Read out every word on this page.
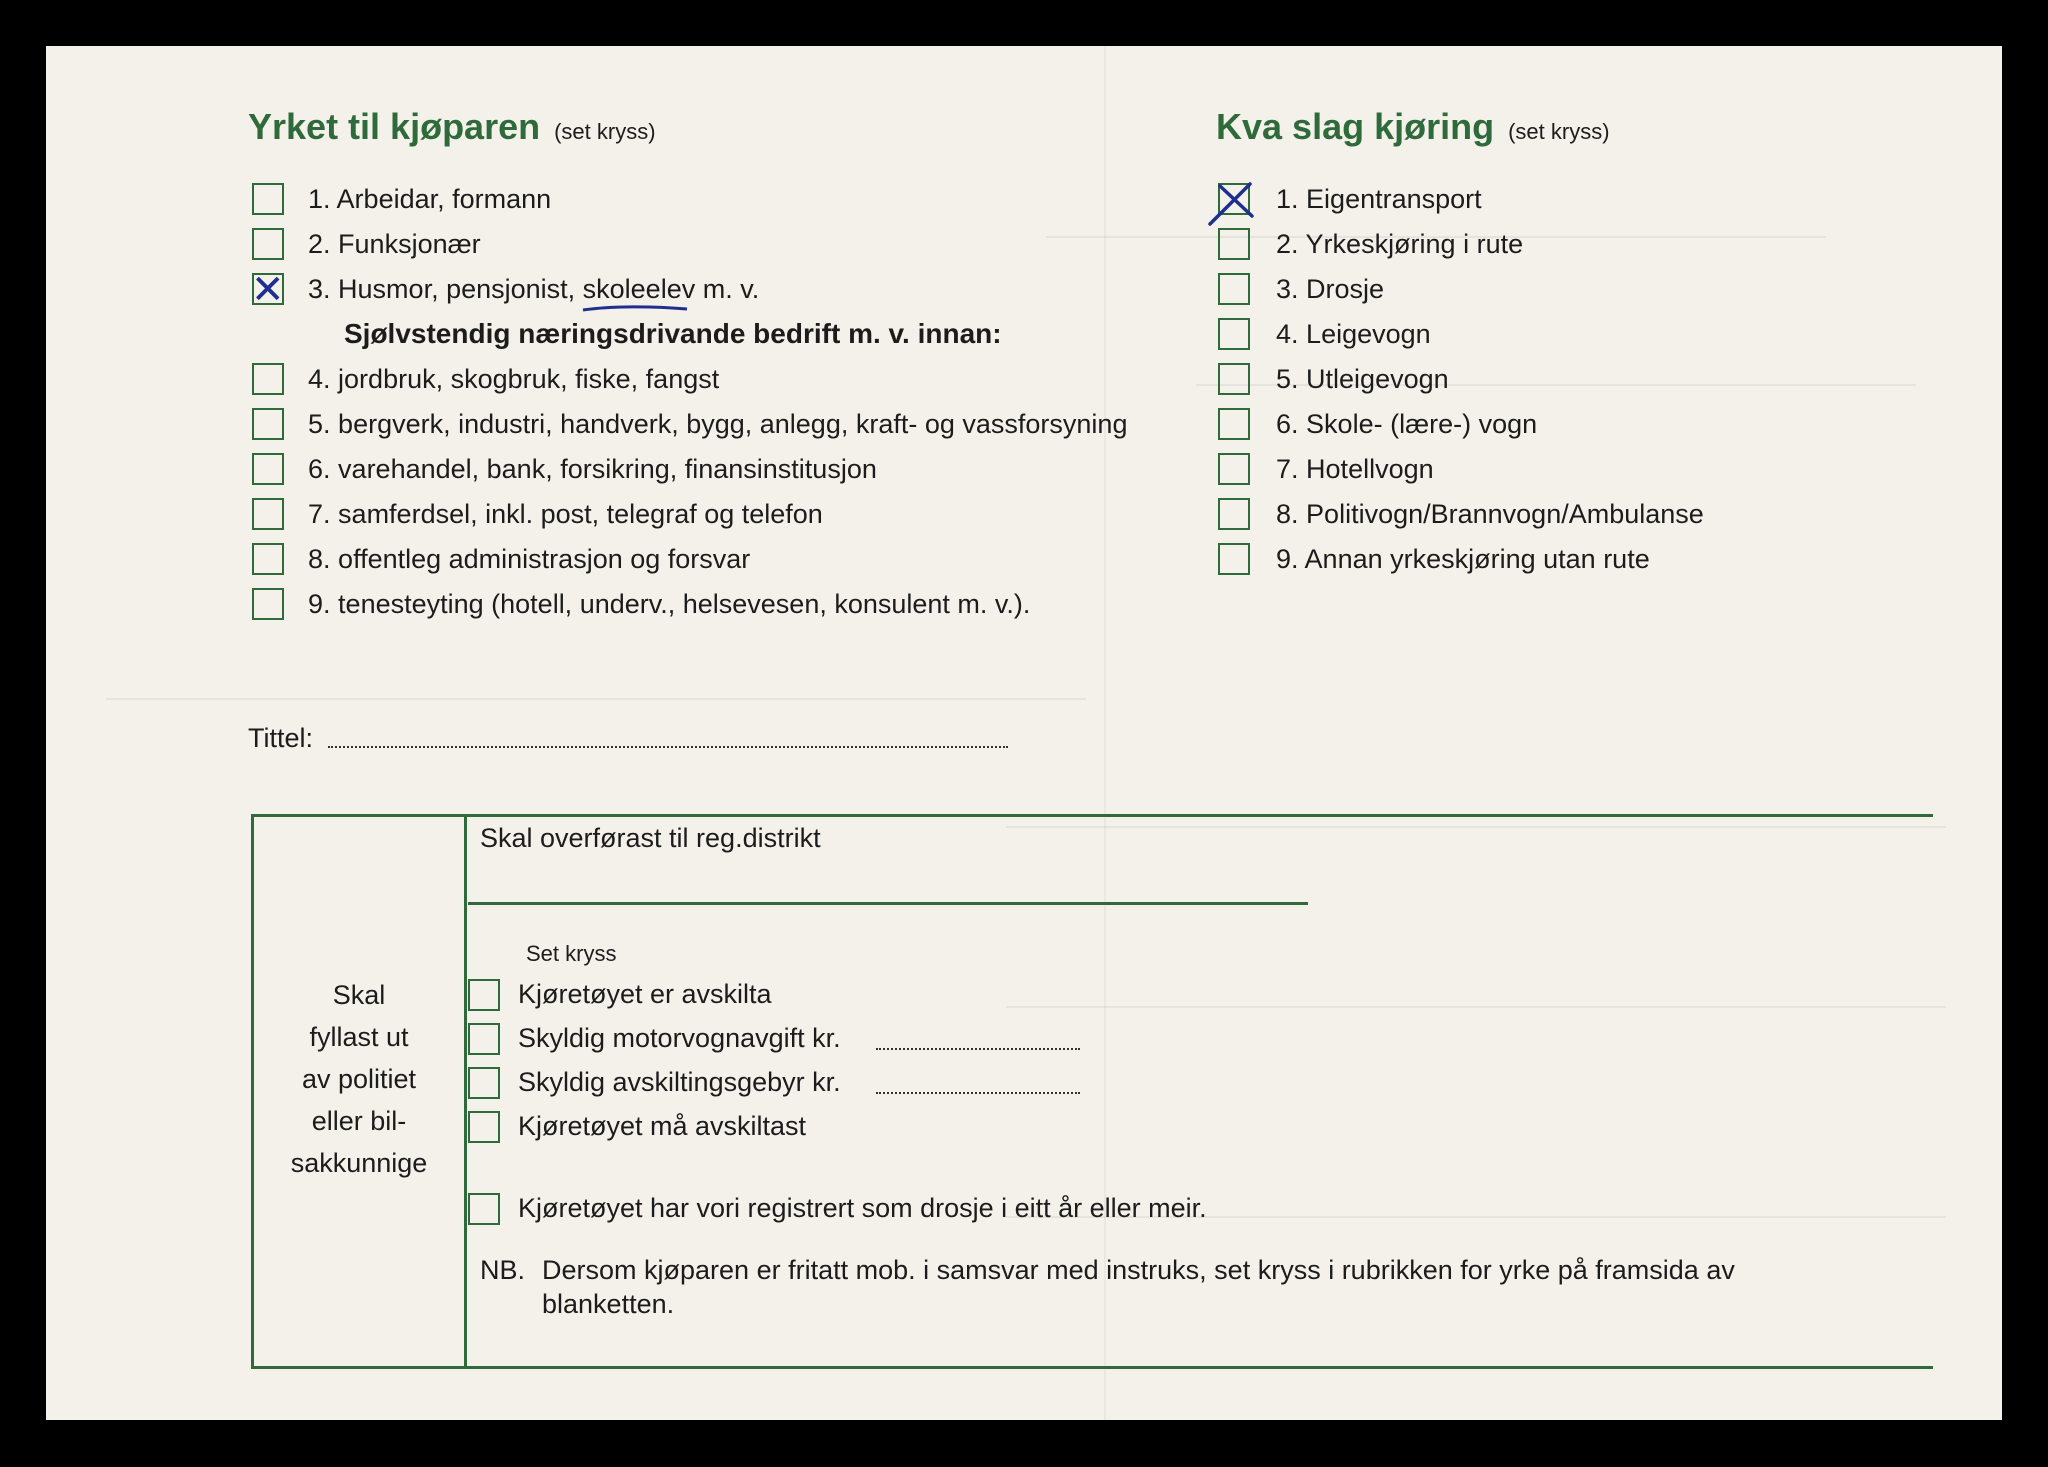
Yrket til kjøparen (set kryss)
1. Arbeidar, formann
2. Funksjonær
✕ 3. Husmor, pensjonist, skoleelev
m. v.
Sjølvstendig næringsdrivande bedrift m. v. innan:
4. jordbruk, skogbruk, fiske, fangst
5. bergverk, industri, handverk, bygg, anlegg, kraft- og vassforsyning
6. varehandel, bank, forsikring, finansinstitusjon
7. samferdsel, inkl. post, telegraf og telefon
8. offentleg administrasjon og forsvar
9. tenesteyting (hotell, underv., helsevesen, konsulent m. v.).
Kva slag kjøring (set kryss)
1. Eigentransport
2. Yrkeskjøring i rute
3. Drosje
4. Leigevogn
5. Utleigevogn
6. Skole- (lære-) vogn
7. Hotellvogn
8. Politivogn/Brannvogn/Ambulanse
9. Annan yrkeskjøring utan rute
Tittel:
Skal
fyllast ut
av politiet
eller bil-
sakkunnige
Skal overførast til reg.distrikt
Set kryss
Kjøretøyet er avskilta
Skyldig motorvognavgift kr.
Skyldig avskiltingsgebyr kr.
Kjøretøyet må avskiltast
Kjøretøyet har vori registrert som drosje i eitt år eller meir.
NB. Dersom kjøparen er fritatt mob. i samsvar med instruks, set kryss i rubrikken for yrke på framsida av
blanketten.
